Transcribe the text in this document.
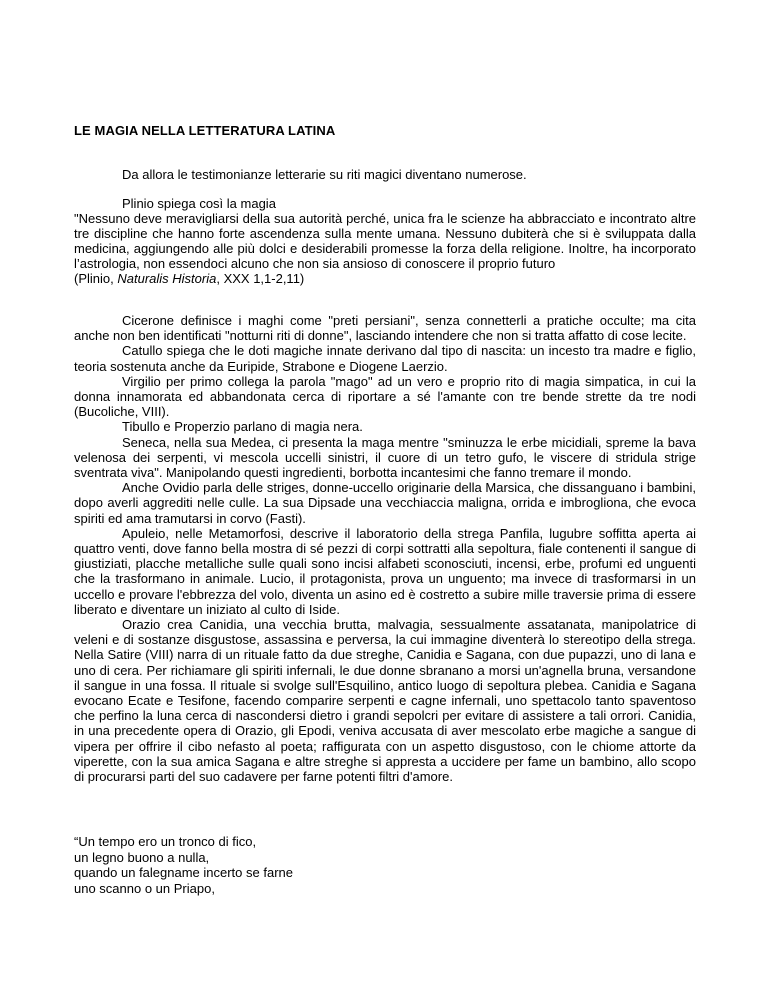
LE MAGIA NELLA LETTERATURA LATINA
Da allora le testimonianze letterarie su riti magici diventano numerose.
Plinio spiega così la magia
"Nessuno deve meravigliarsi della sua autorità perché, unica fra le scienze ha abbracciato e incontrato altre tre discipline che hanno forte ascendenza sulla mente umana. Nessuno dubiterà che si è sviluppata dalla medicina, aggiungendo alle più dolci e desiderabili promesse la forza della religione. Inoltre, ha incorporato l’astrologia, non essendoci alcuno che non sia ansioso di conoscere il proprio futuro
(Plinio, Naturalis Historia, XXX 1,1-2,11)

Cicerone definisce i maghi come "preti persiani", senza connetterli a pratiche occulte; ma cita anche non ben identificati "notturni riti di donne", lasciando intendere che non si tratta affatto di cose lecite.

Catullo spiega che le doti magiche innate derivano dal tipo di nascita: un incesto tra madre e figlio, teoria sostenuta anche da Euripide, Strabone e Diogene Laerzio.

Virgilio per primo collega la parola "mago" ad un vero e proprio rito di magia simpatica, in cui la donna innamorata ed abbandonata cerca di riportare a sé l'amante con tre bende strette da tre nodi (Bucoliche, VIII).

Tibullo e Properzio parlano di magia nera.

Seneca, nella sua Medea, ci presenta la maga mentre "sminuzza le erbe micidiali, spreme la bava velenosa dei serpenti, vi mescola uccelli sinistri, il cuore di un tetro gufo, le viscere di stridula strige sventrata viva". Manipolando questi ingredienti, borbotta incantesimi che fanno tremare il mondo.

Anche Ovidio parla delle striges, donne-uccello originarie della Marsica, che dissanguano i bambini, dopo averli aggrediti nelle culle. La sua Dipsade una vecchiaccia maligna, orrida e imbrogliona, che evoca spiriti ed ama tramutarsi in corvo (Fasti).

Apuleio, nelle Metamorfosi, descrive il laboratorio della strega Panfila, lugubre soffitta aperta ai quattro venti, dove fanno bella mostra di sé pezzi di corpi sottratti alla sepoltura, fiale contenenti il sangue di giustiziati, placche metalliche sulle quali sono incisi alfabeti sconosciuti, incensi, erbe, profumi ed unguenti che la trasformano in animale. Lucio, il protagonista, prova un unguento; ma invece di trasformarsi in un uccello e provare l'ebbrezza del volo, diventa un asino ed è costretto a subire mille traversie prima di essere liberato e diventare un iniziato al culto di Iside.

Orazio crea Canidia, una vecchia brutta, malvagia, sessualmente assatanata, manipolatrice di veleni e di sostanze disgustose, assassina e perversa, la cui immagine diventerà lo stereotipo della strega. Nella Satire (VIII) narra di un rituale fatto da due streghe, Canidia e Sagana, con due pupazzi, uno di lana e uno di cera. Per richiamare gli spiriti infernali, le due donne sbranano a morsi un'agnella bruna, versandone il sangue in una fossa. Il rituale si svolge sull'Esquilino, antico luogo di sepoltura plebea. Canidia e Sagana evocano Ecate e Tesifone, facendo comparire serpenti e cagne infernali, uno spettacolo tanto spaventoso che perfino la luna cerca di nascondersi dietro i grandi sepolcri per evitare di assistere a tali orrori. Canidia, in una precedente opera di Orazio, gli Epodi, veniva accusata di aver mescolato erbe magiche a sangue di vipera per offrire il cibo nefasto al poeta; raffigurata con un aspetto disgustoso, con le chiome attorte da viperette, con la sua amica Sagana e altre streghe si appresta a uccidere per fame un bambino, allo scopo di procurarsi parti del suo cadavere per farne potenti filtri d'amore.

“Un tempo ero un tronco di fico,
un legno buono a nulla,
quando un falegname incerto se farne
uno scanno o un Priapo,
